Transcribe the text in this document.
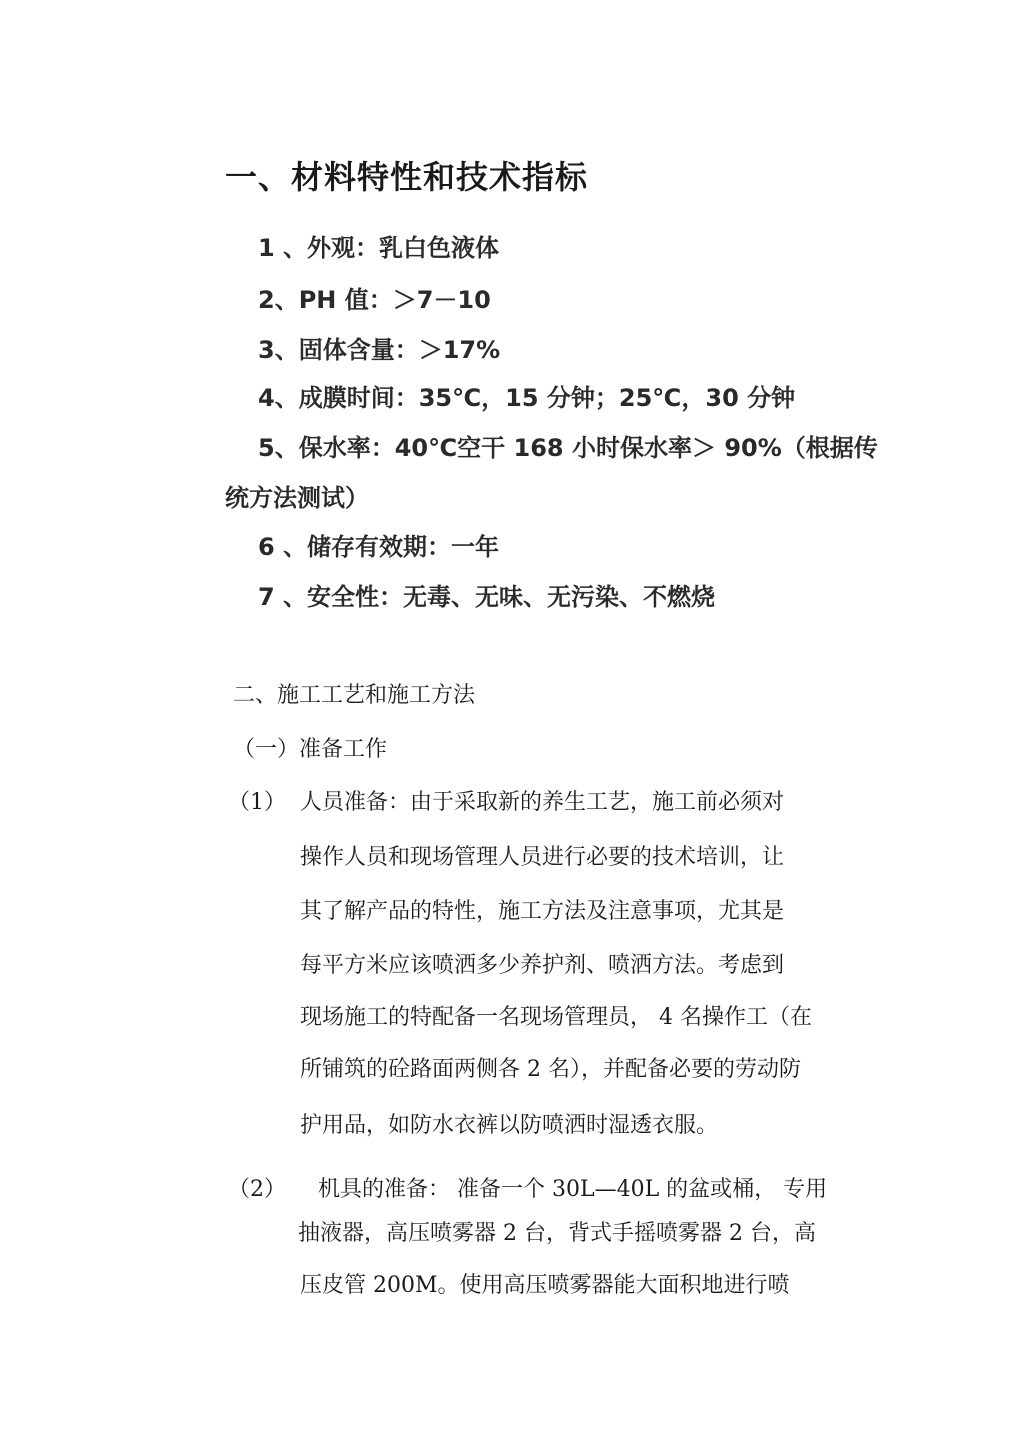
一、材料特性和技术指标
1 、外观：乳白色液体
2、PH 值：＞7－10
3、固体含量：＞17%
4、成膜时间：35℃，15 分钟；25℃，30 分钟
5、保水率：40℃空干 168 小时保水率＞ 90%（根据传
统方法测试）
6 、储存有效期：一年
7 、安全性：无毒、无味、无污染、不燃烧
二、施工工艺和施工方法
（一）准备工作
（1） 人员准备：由于采取新的养生工艺，施工前必须对
操作人员和现场管理人员进行必要的技术培训，让
其了解产品的特性，施工方法及注意事项，尤其是
每平方米应该喷洒多少养护剂、喷洒方法。考虑到
现场施工的特配备一名现场管理员， 4 名操作工（在
所铺筑的砼路面两侧各 2 名），并配备必要的劳动防
护用品，如防水衣裤以防喷洒时湿透衣服。
（2） 机具的准备： 准备一个 30L—40L 的盆或桶， 专用
抽液器，高压喷雾器 2 台，背式手摇喷雾器 2 台，高
压皮管 200M。使用高压喷雾器能大面积地进行喷
